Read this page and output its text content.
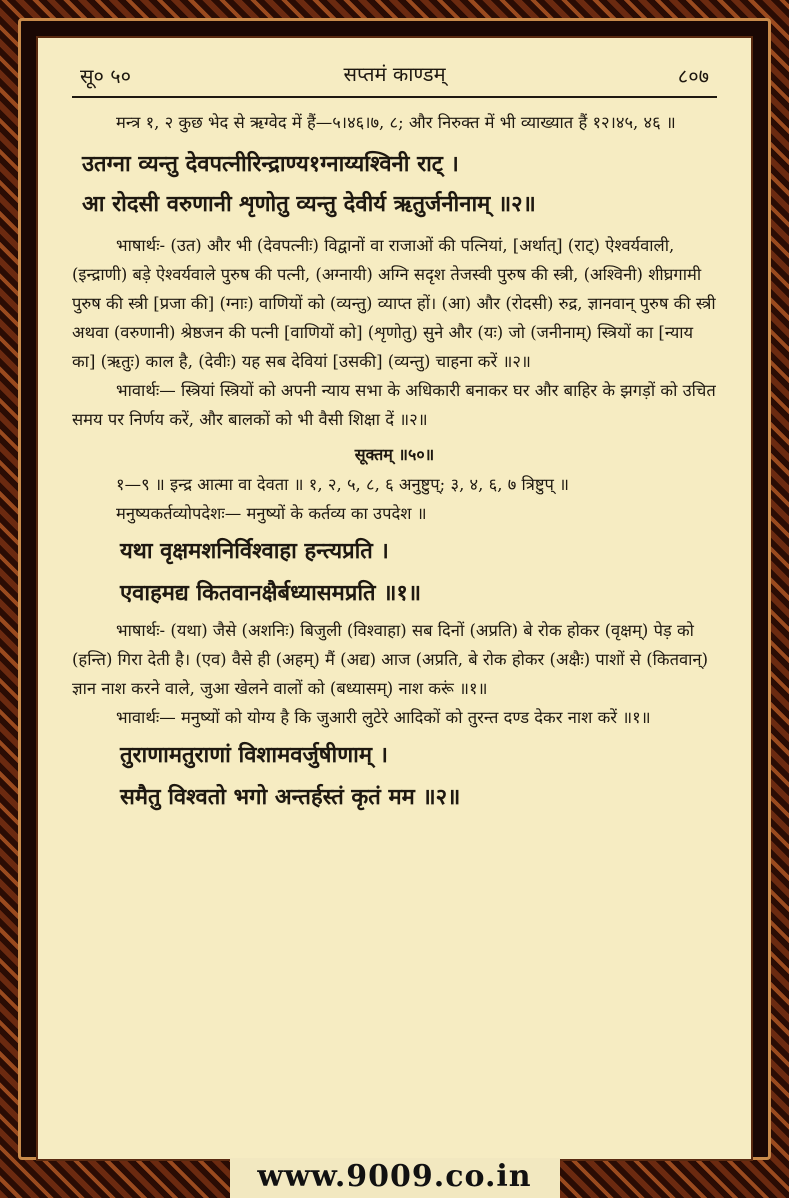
सू० ५०	सप्तमं काण्डम्	८०७

मन्त्र १, २ कुछ भेद से ऋग्वेद में हैं—५।४६।७, ८; और निरुक्त में भी व्याख्यात हैं १२।४५, ४६ ॥

उतग्ना व्यन्तु देवपत्नीरिन्द्राण्य१ग्नाय्यश्विनी राट् ।
आ रोदसी वरुणानी शृणोतु व्यन्तु देवीर्य ऋतुर्जनीनाम् ॥२॥

भाषार्थः- (उत) और भी (देवपत्नीः) विद्वानों वा राजाओं की पत्नियां, [अर्थात्] (राट्) ऐश्वर्यवाली, (इन्द्राणी) बड़े ऐश्वर्यवाले पुरुष की पत्नी, (अग्नायी) अग्नि सदृश तेजस्वी पुरुष की स्त्री, (अश्विनी) शीघ्रगामी पुरुष की स्त्री [प्रजा की] (ग्नाः) वाणियों को (व्यन्तु) व्याप्त हों। (आ) और (रोदसी) रुद्र, ज्ञानवान् पुरुष की स्त्री अथवा (वरुणानी) श्रेष्ठजन की पत्नी [वाणियों को] (शृणोतु) सुने और (यः) जो (जनीनाम्) स्त्रियों का [न्याय का] (ऋतुः) काल है, (देवीः) यह सब देवियां [उसकी] (व्यन्तु) चाहना करें ॥२॥

भावार्थः— स्त्रियां स्त्रियों को अपनी न्याय सभा के अधिकारी बनाकर घर और बाहिर के झगड़ों को उचित समय पर निर्णय करें, और बालकों को भी वैसी शिक्षा दें ॥२॥

सूक्तम् ॥५०॥

१—९ ॥ इन्द्र आत्मा वा देवता ॥ १, २, ५, ८, ६ अनुष्टुप्; ३, ४, ६, ७ त्रिष्टुप् ॥

मनुष्यकर्तव्योपदेशः— मनुष्यों के कर्तव्य का उपदेश ॥

यथा वृक्षमशनिर्विश्वाहा हन्त्यप्रति ।
एवाहमद्य कितवानक्षैर्बध्यासमप्रति ॥१॥

भाषार्थः- (यथा) जैसे (अशनिः) बिजुली (विश्वाहा) सब दिनों (अप्रति) बे रोक होकर (वृक्षम्) पेड़ को (हन्ति) गिरा देती है। (एव) वैसे ही (अहम्) मैं (अद्य) आज (अप्रति, बे रोक होकर (अक्षैः) पाशों से (कितवान्) ज्ञान नाश करने वाले, जुआ खेलने वालों को (बध्यासम्) नाश करूं ॥१॥

भावार्थः— मनुष्यों को योग्य है कि जुआरी लुटेरे आदिकों को तुरन्त दण्ड देकर नाश करें ॥१॥

तुराणामतुराणां विशामवर्जुषीणाम् ।
समैतु विश्वतो भगो अन्तर्हस्तं कृतं मम ॥२॥
www.9009.co.in
